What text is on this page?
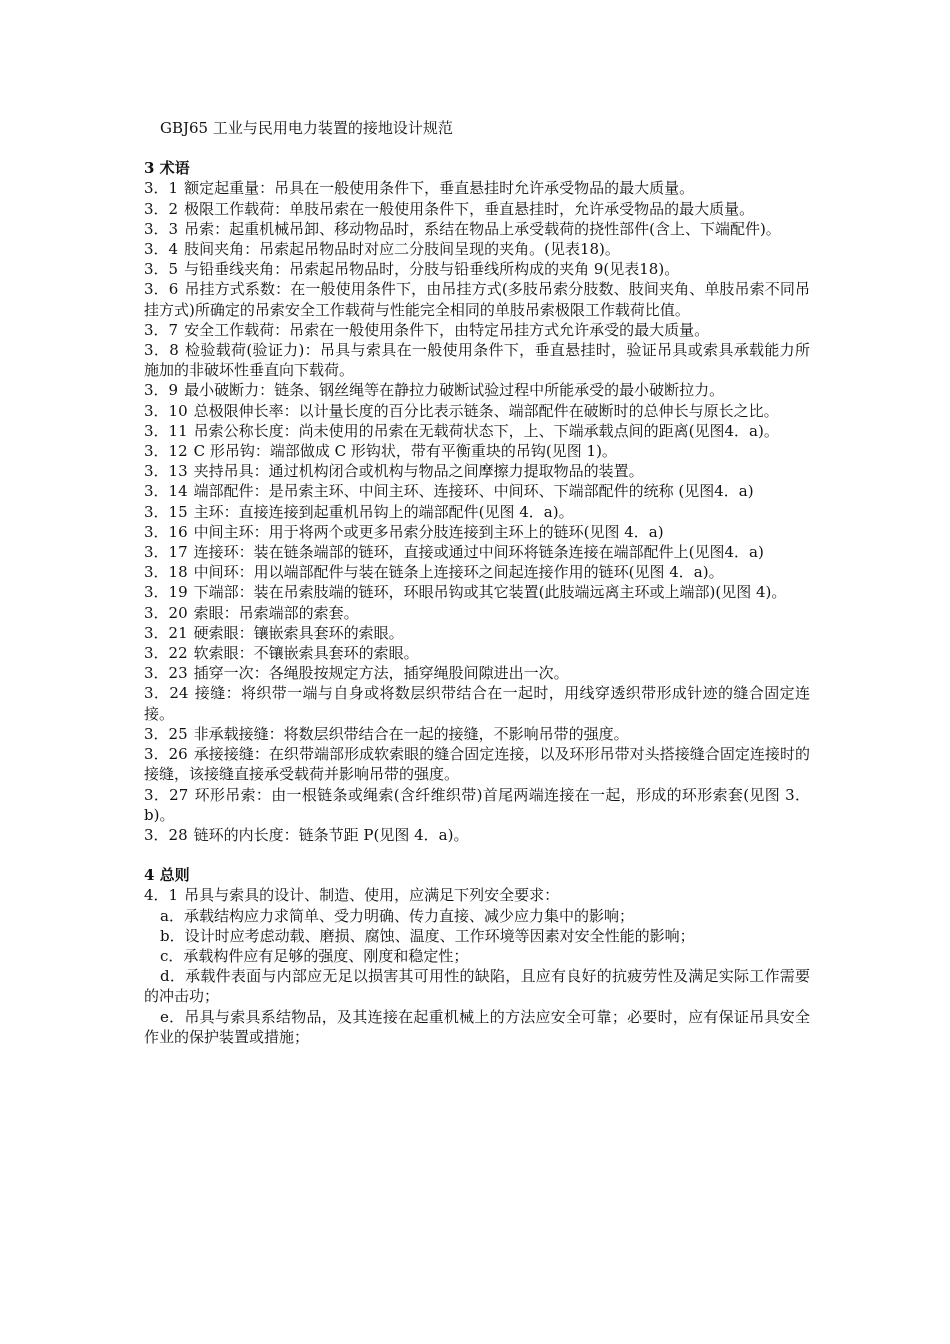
GBJ65 工业与民用电力装置的接地设计规范
3 术语
3．1 额定起重量：吊具在一般使用条件下，垂直悬挂时允许承受物品的最大质量。
3．2 极限工作载荷：单肢吊索在一般使用条件下，垂直悬挂时，允许承受物品的最大质量。
3．3 吊索：起重机械吊卸、移动物品时，系结在物品上承受载荷的挠性部件(含上、下端配件)。
3．4 肢间夹角：吊索起吊物品时对应二分肢间呈现的夹角。(见表18)。
3．5 与铅垂线夹角：吊索起吊物品时，分肢与铅垂线所构成的夹角 9(见表18)。
3．6 吊挂方式系数：在一般使用条件下，由吊挂方式(多肢吊索分肢数、肢间夹角、单肢吊索不同吊挂方式)所确定的吊索安全工作载荷与性能完全相同的单肢吊索极限工作载荷比值。
3．7 安全工作载荷：吊索在一般使用条件下，由特定吊挂方式允许承受的最大质量。
3．8 检验载荷(验证力)：吊具与索具在一般使用条件下，垂直悬挂时，验证吊具或索具承载能力所施加的非破坏性垂直向下载荷。
3．9 最小破断力：链条、钢丝绳等在静拉力破断试验过程中所能承受的最小破断拉力。
3．10 总极限伸长率：以计量长度的百分比表示链条、端部配件在破断时的总伸长与原长之比。
3．11 吊索公称长度：尚未使用的吊索在无载荷状态下，上、下端承载点间的距离(见图4．a)。
3．12 C 形吊钩：端部做成 C 形钩状，带有平衡重块的吊钩(见图 1)。
3．13 夹持吊具：通过机构闭合或机构与物品之间摩擦力提取物品的装置。
3．14 端部配件：是吊索主环、中间主环、连接环、中间环、下端部配件的统称 (见图4．a)
3．15 主环：直接连接到起重机吊钩上的端部配件(见图 4．a)。
3．16 中间主环：用于将两个或更多吊索分肢连接到主环上的链环(见图 4．a)
3．17 连接环：装在链条端部的链环，直接或通过中间环将链条连接在端部配件上(见图4．a)
3．18 中间环：用以端部配件与装在链条上连接环之间起连接作用的链环(见图 4．a)。
3．19 下端部：装在吊索肢端的链环，环眼吊钩或其它装置(此肢端远离主环或上端部)(见图 4)。
3．20 索眼：吊索端部的索套。
3．21 硬索眼：镶嵌索具套环的索眼。
3．22 软索眼：不镶嵌索具套环的索眼。
3．23 插穿一次：各绳股按规定方法，插穿绳股间隙进出一次。
3．24 接缝：将织带一端与自身或将数层织带结合在一起时，用线穿透织带形成针迹的缝合固定连接。
3．25 非承载接缝：将数层织带结合在一起的接缝，不影响吊带的强度。
3．26 承接接缝：在织带端部形成软索眼的缝合固定连接，以及环形吊带对头搭接缝合固定连接时的接缝，该接缝直接承受载荷并影响吊带的强度。
3．27 环形吊索：由一根链条或绳索(含纤维织带)首尾两端连接在一起，形成的环形索套(见图 3．b)。
3．28 链环的内长度：链条节距 P(见图 4．a)。
4 总则
4．1 吊具与索具的设计、制造、使用，应满足下列安全要求：
a．承载结构应力求简单、受力明确、传力直接、减少应力集中的影响；
b．设计时应考虑动载、磨损、腐蚀、温度、工作环境等因素对安全性能的影响；
c．承载构件应有足够的强度、刚度和稳定性；
d．承载件表面与内部应无足以损害其可用性的缺陷，且应有良好的抗疲劳性及满足实际工作需要的冲击功；
e．吊具与索具系结物品，及其连接在起重机械上的方法应安全可靠；必要时，应有保证吊具安全作业的保护装置或措施；
